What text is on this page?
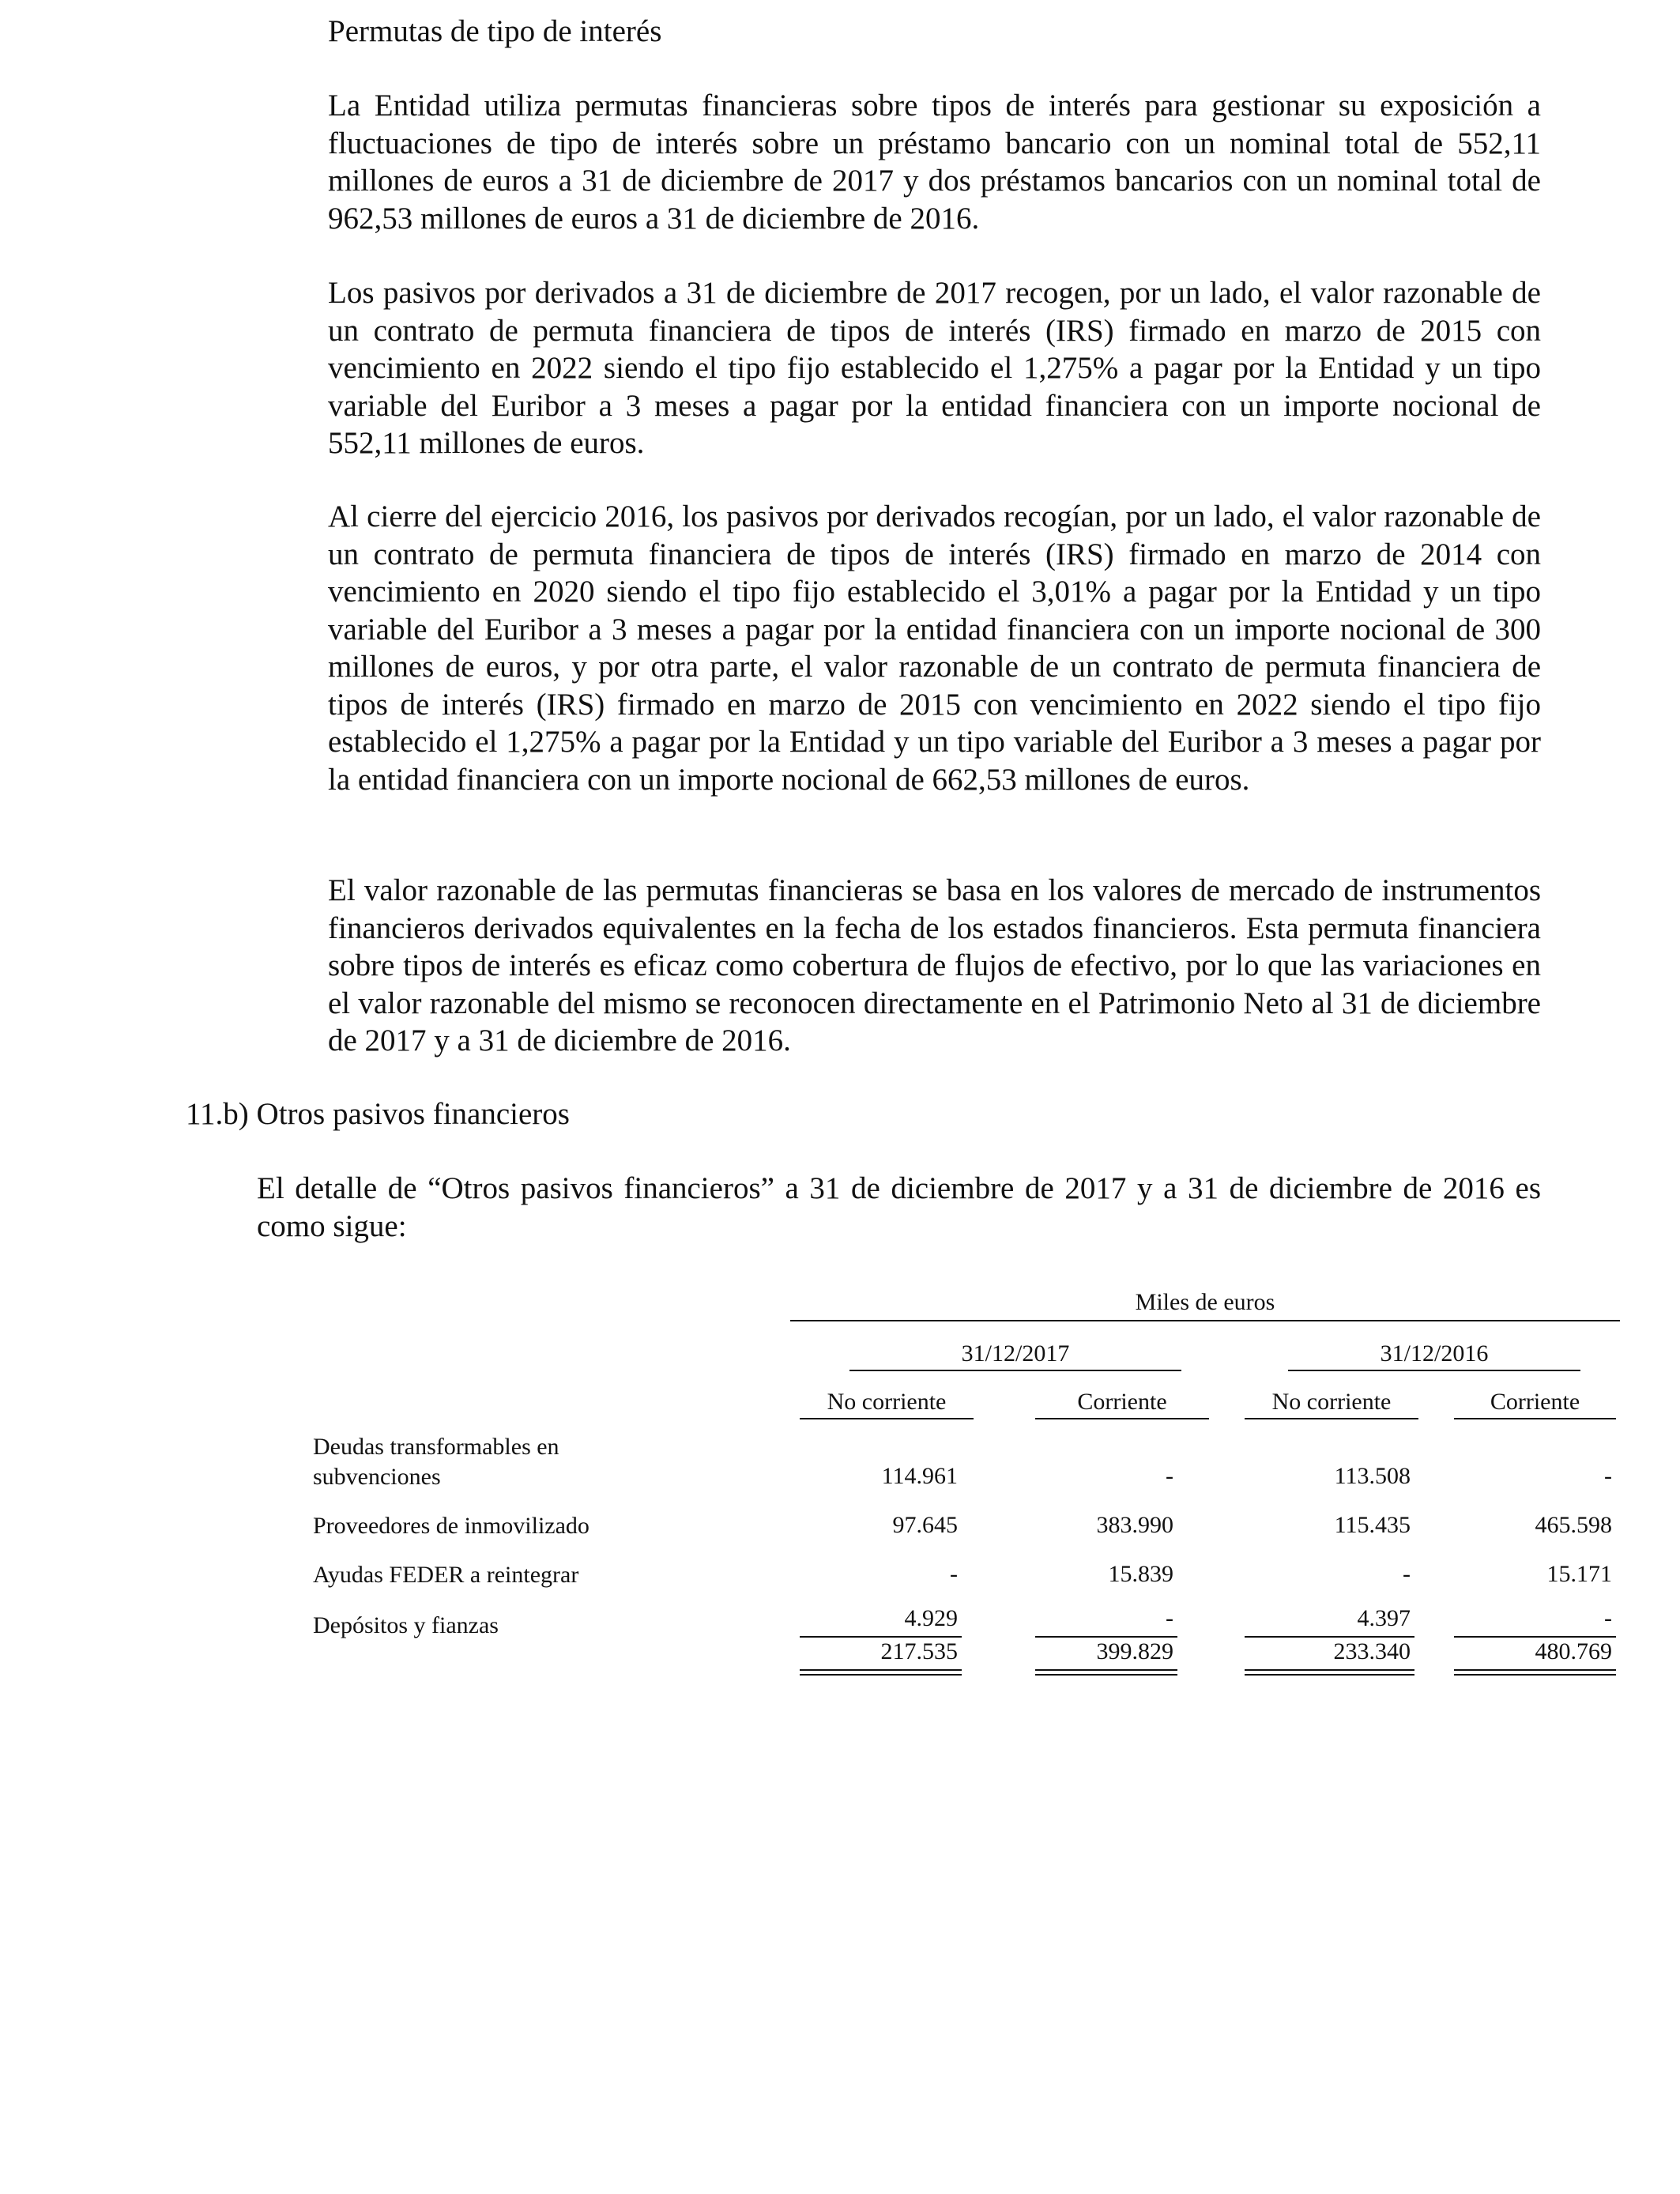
Permutas de tipo de interés

La Entidad utiliza permutas financieras sobre tipos de interés para gestionar su exposición a fluctuaciones de tipo de interés sobre un préstamo bancario con un nominal total de 552,11 millones de euros a 31 de diciembre de 2017 y dos préstamos bancarios con un nominal total de 962,53 millones de euros a 31 de diciembre de 2016.

Los pasivos por derivados a 31 de diciembre de 2017 recogen, por un lado, el valor razonable de un contrato de permuta financiera de tipos de interés (IRS) firmado en marzo de 2015 con vencimiento en 2022 siendo el tipo fijo establecido el 1,275% a pagar por la Entidad y un tipo variable del Euribor a 3 meses a pagar por la entidad financiera con un importe nocional de 552,11 millones de euros.

Al cierre del ejercicio 2016, los pasivos por derivados recogían, por un lado, el valor razonable de un contrato de permuta financiera de tipos de interés (IRS) firmado en marzo de 2014 con vencimiento en 2020 siendo el tipo fijo establecido el 3,01% a pagar por la Entidad y un tipo variable del Euribor a 3 meses a pagar por la entidad financiera con un importe nocional de 300 millones de euros, y por otra parte, el valor razonable de un contrato de permuta financiera de tipos de interés (IRS) firmado en marzo de 2015 con vencimiento en 2022 siendo el tipo fijo establecido el 1,275% a pagar por la Entidad y un tipo variable del Euribor a 3 meses a pagar por la entidad financiera con un importe nocional de 662,53 millones de euros.

El valor razonable de las permutas financieras se basa en los valores de mercado de instrumentos financieros derivados equivalentes en la fecha de los estados financieros. Esta permuta financiera sobre tipos de interés es eficaz como cobertura de flujos de efectivo, por lo que las variaciones en el valor razonable del mismo se reconocen directamente en el Patrimonio Neto al 31 de diciembre de 2017 y a 31 de diciembre de 2016.

11.b) Otros pasivos financieros

El detalle de “Otros pasivos financieros” a 31 de diciembre de 2017 y a 31 de diciembre de 2016 es como sigue:

Miles de euros
31/12/2017	31/12/2016
No corriente	Corriente	No corriente	Corriente
Deudas transformables en subvenciones	114.961	-	113.508	-
Proveedores de inmovilizado	97.645	383.990	115.435	465.598
Ayudas FEDER a reintegrar	-	15.839	-	15.171
Depósitos y fianzas	4.929	-	4.397	-
217.535	399.829	233.340	480.769
